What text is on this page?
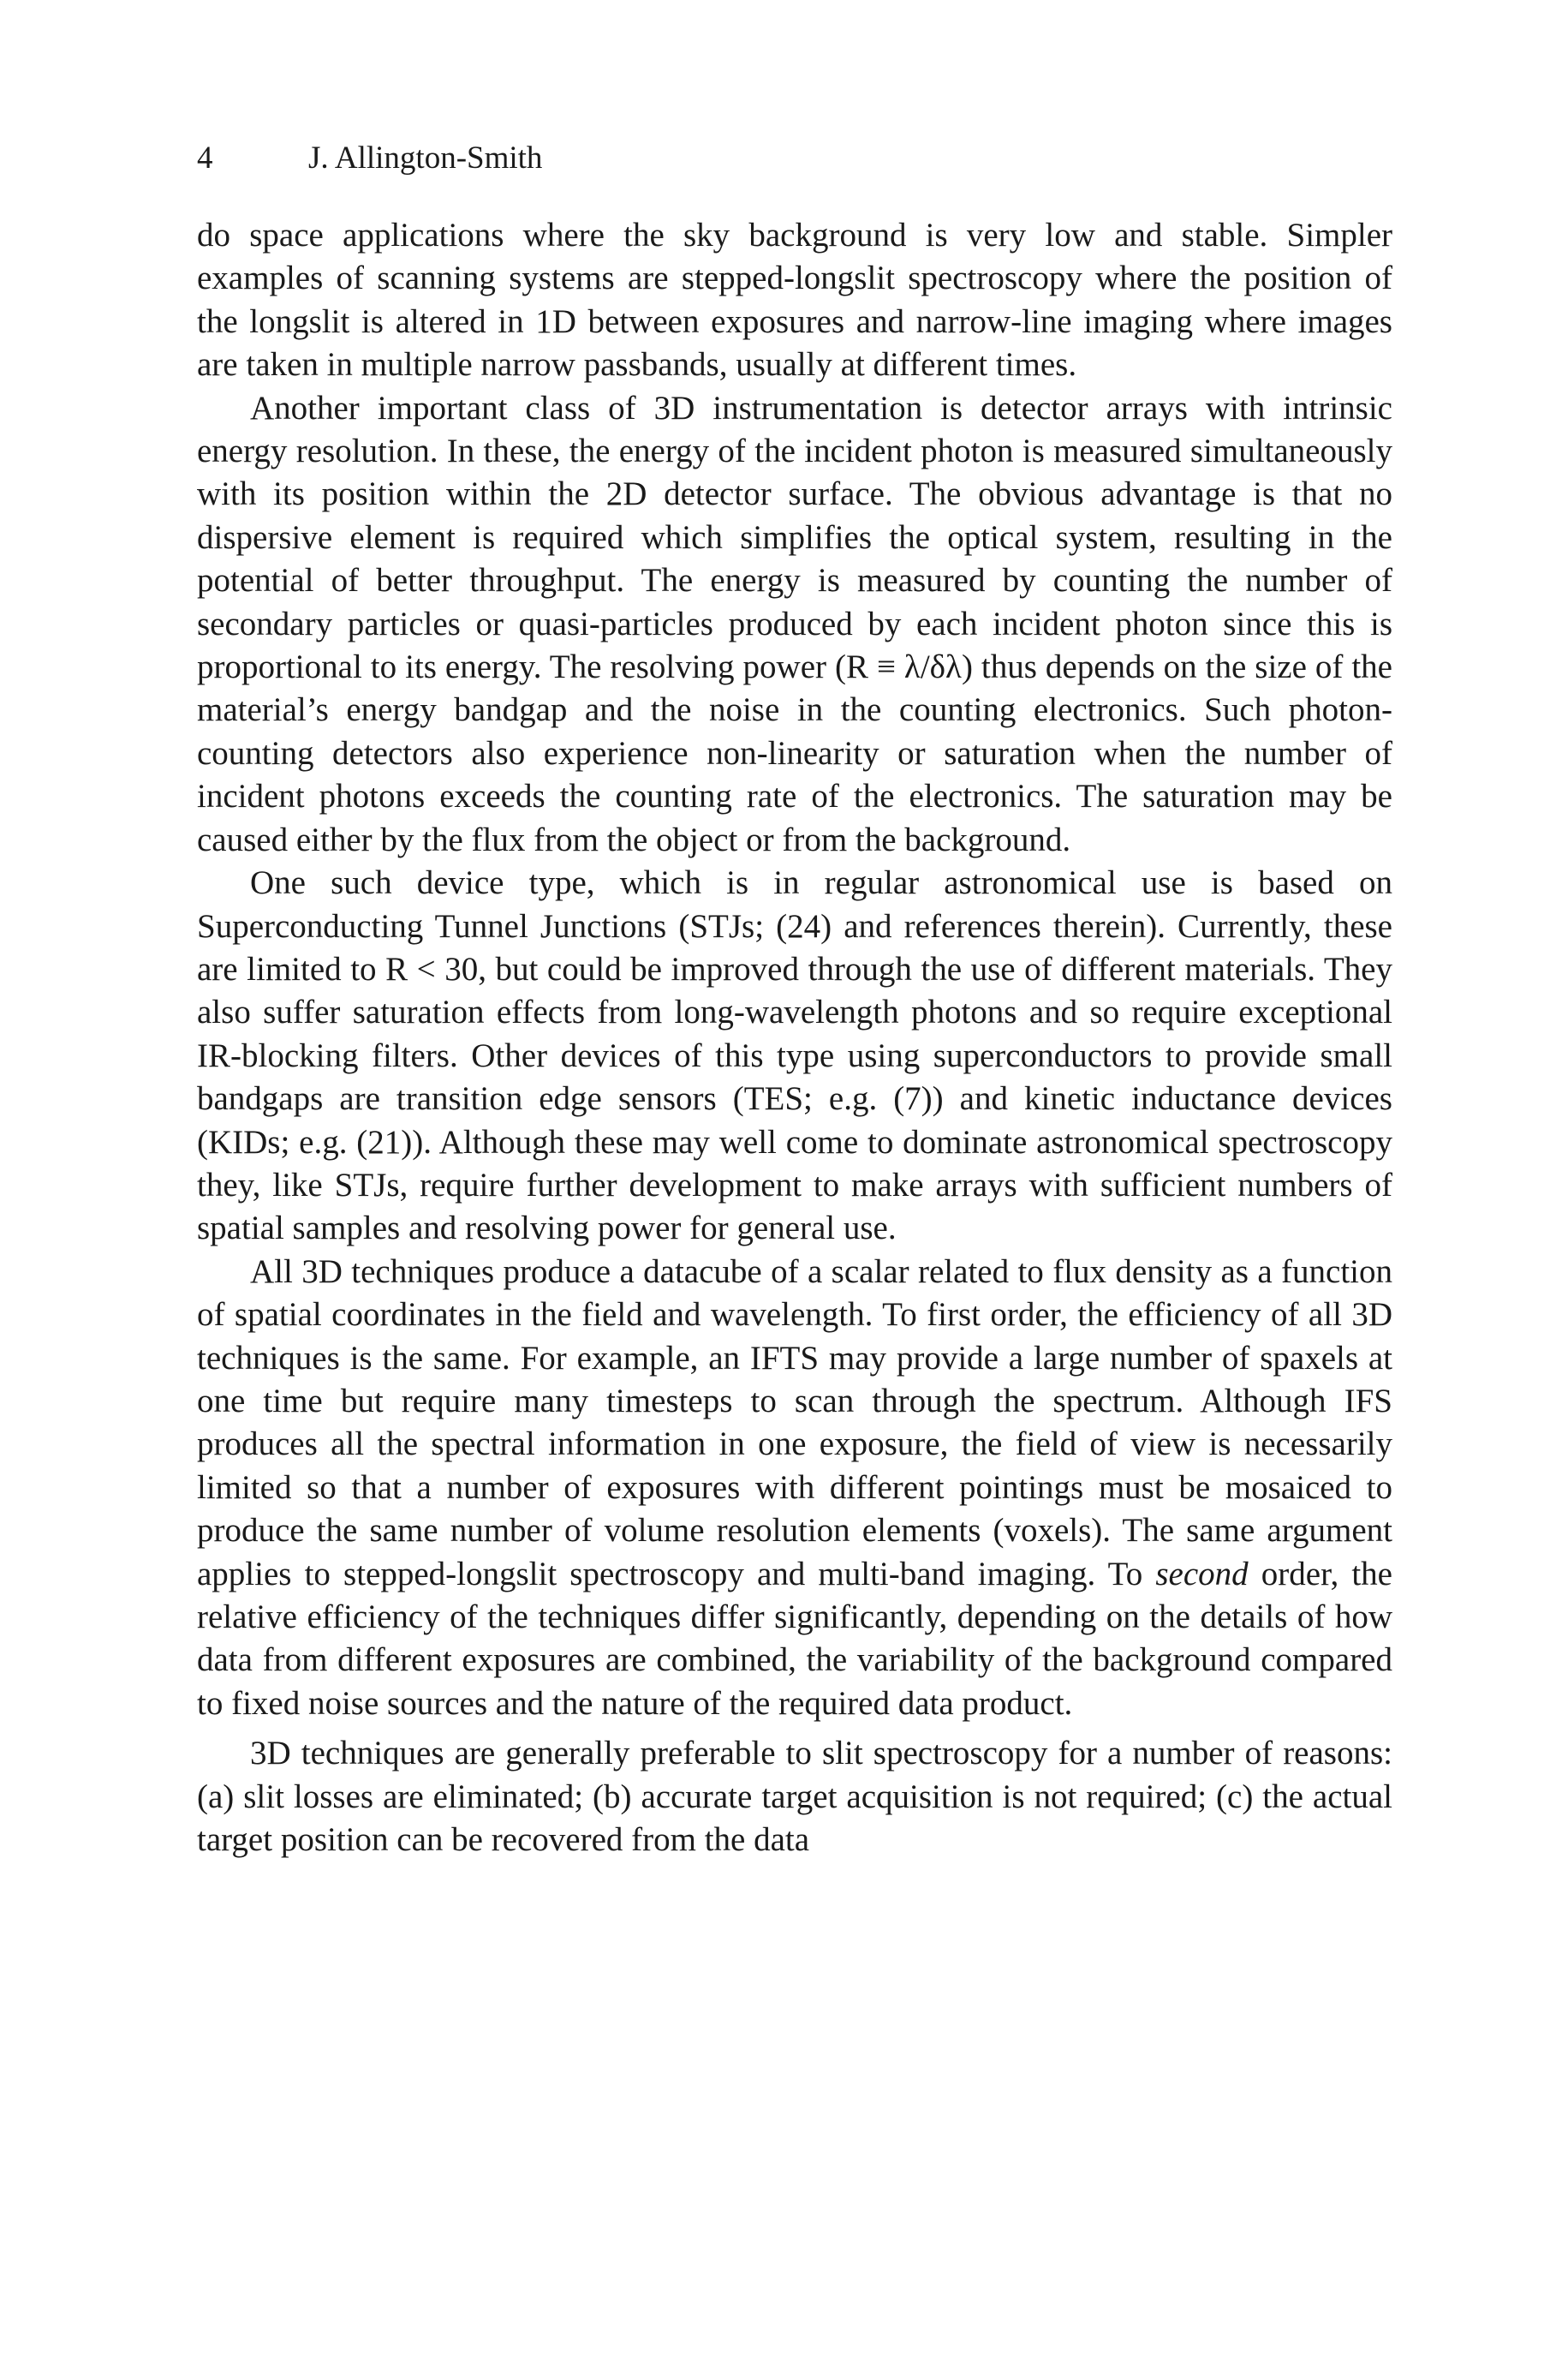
4	J. Allington-Smith

do space applications where the sky background is very low and stable. Simpler examples of scanning systems are stepped-longslit spectroscopy where the position of the longslit is altered in 1D between exposures and narrow-line imaging where images are taken in multiple narrow passbands, usually at different times.

Another important class of 3D instrumentation is detector arrays with intrinsic energy resolution. In these, the energy of the incident photon is measured simultaneously with its position within the 2D detector surface. The obvious advantage is that no dispersive element is required which simplifies the optical system, resulting in the potential of better throughput. The energy is measured by counting the number of secondary particles or quasi-particles produced by each incident photon since this is proportional to its energy. The resolving power (R ≡ λ/δλ) thus depends on the size of the material’s energy bandgap and the noise in the counting electronics. Such photon-counting detectors also experience non-linearity or saturation when the number of incident photons exceeds the counting rate of the electronics. The saturation may be caused either by the flux from the object or from the background.

One such device type, which is in regular astronomical use is based on Superconducting Tunnel Junctions (STJs; (24) and references therein). Currently, these are limited to R < 30, but could be improved through the use of different materials. They also suffer saturation effects from long-wavelength photons and so require exceptional IR-blocking filters. Other devices of this type using superconductors to provide small bandgaps are transition edge sensors (TES; e.g. (7)) and kinetic inductance devices (KIDs; e.g. (21)). Although these may well come to dominate astronomical spectroscopy they, like STJs, require further development to make arrays with sufficient numbers of spatial samples and resolving power for general use.

All 3D techniques produce a datacube of a scalar related to flux density as a function of spatial coordinates in the field and wavelength. To first order, the efficiency of all 3D techniques is the same. For example, an IFTS may provide a large number of spaxels at one time but require many timesteps to scan through the spectrum. Although IFS produces all the spectral information in one exposure, the field of view is necessarily limited so that a number of exposures with different pointings must be mosaiced to produce the same number of volume resolution elements (voxels). The same argument applies to stepped-longslit spectroscopy and multi-band imaging. To second order, the relative efficiency of the techniques differ significantly, depending on the details of how data from different exposures are combined, the variability of the background compared to fixed noise sources and the nature of the required data product.

3D techniques are generally preferable to slit spectroscopy for a number of reasons: (a) slit losses are eliminated; (b) accurate target acquisition is not required; (c) the actual target position can be recovered from the data
